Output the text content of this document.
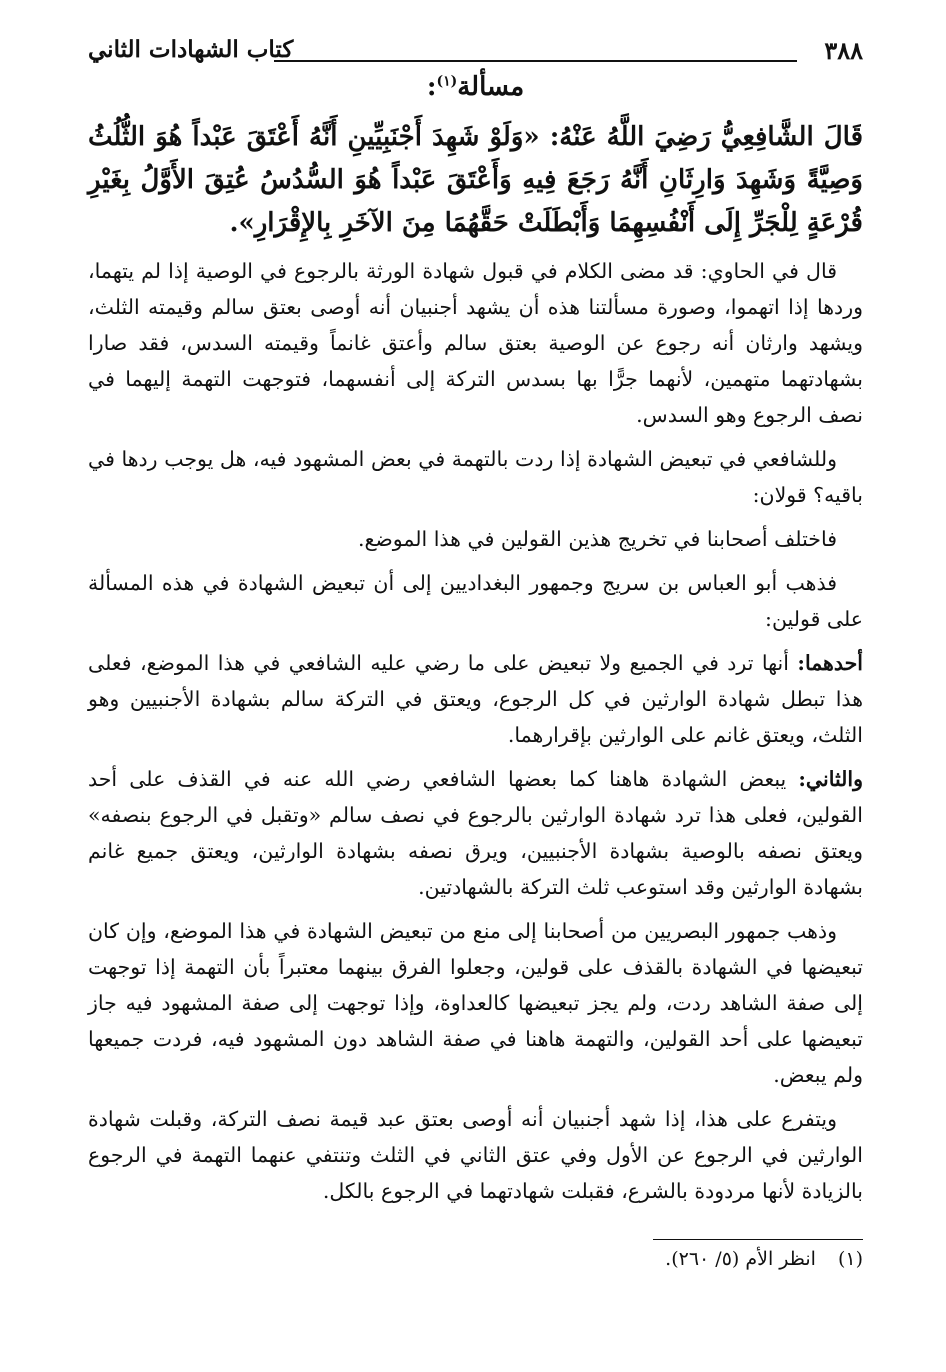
٣٨٨
كتاب الشهادات الثاني
مسألة$^{(١)}$:
قَالَ الشَّافِعِيُّ رَضِيَ اللَّهُ عَنْهُ: «وَلَوْ شَهِدَ أَجْنَبِيِّينِ أَنَّهُ أَعْتَقَ عَبْداً هُوَ الثُّلُثُ وَصِيَّةً وَشَهِدَ وَارِثَانِ أَنَّهُ رَجَعَ فِيهِ وَأَعْتَقَ عَبْداً هُوَ السُّدُسُ عُتِقَ الأَوَّلُ بِغَيْرِ قُرْعَةٍ لِلْجَرِّ إِلَى أَنْفُسِهِمَا وَأَبْطَلَتْ حَقَّهُمَا مِنَ الآخَرِ بِالإِقْرَارِ».

قال في الحاوي: قد مضى الكلام في قبول شهادة الورثة بالرجوع في الوصية إذا لم يتهما، وردها إذا اتهموا، وصورة مسألتنا هذه أن يشهد أجنبيان أنه أوصى بعتق سالم وقيمته الثلث، ويشهد وارثان أنه رجوع عن الوصية بعتق سالم وأعتق غانماً وقيمته السدس، فقد صارا بشهادتهما متهمين، لأنهما جرًّا بها بسدس التركة إلى أنفسهما، فتوجهت التهمة إليهما في نصف الرجوع وهو السدس.

وللشافعي في تبعيض الشهادة إذا ردت بالتهمة في بعض المشهود فيه، هل يوجب ردها في باقيه؟ قولان:

فاختلف أصحابنا في تخريج هذين القولين في هذا الموضع.

فذهب أبو العباس بن سريج وجمهور البغداديين إلى أن تبعيض الشهادة في هذه المسألة على قولين:

أحدهما: أنها ترد في الجميع ولا تبعيض على ما رضي عليه الشافعي في هذا الموضع، فعلى هذا تبطل شهادة الوارثين في كل الرجوع، ويعتق في التركة سالم بشهادة الأجنبيين وهو الثلث، ويعتق غانم على الوارثين بإقرارهما.

والثاني: يبعض الشهادة هاهنا كما بعضها الشافعي رضي الله عنه في القذف على أحد القولين، فعلى هذا ترد شهادة الوارثين بالرجوع في نصف سالم «وتقبل في الرجوع بنصفه» ويعتق نصفه بالوصية بشهادة الأجنبيين، ويرق نصفه بشهادة الوارثين، ويعتق جميع غانم بشهادة الوارثين وقد استوعب ثلث التركة بالشهادتين.

وذهب جمهور البصريين من أصحابنا إلى منع من تبعيض الشهادة في هذا الموضع، وإن كان تبعيضها في الشهادة بالقذف على قولين، وجعلوا الفرق بينهما معتبراً بأن التهمة إذا توجهت إلى صفة الشاهد ردت، ولم يجز تبعيضها كالعداوة، وإذا توجهت إلى صفة المشهود فيه جاز تبعيضها على أحد القولين، والتهمة هاهنا في صفة الشاهد دون المشهود فيه، فردت جميعها ولم يبعض.

ويتفرع على هذا، إذا شهد أجنبيان أنه أوصى بعتق عبد قيمة نصف التركة، وقبلت شهادة الوارثين في الرجوع عن الأول وفي عتق الثاني في الثلث وتنتفي عنهما التهمة في الرجوع بالزيادة لأنها مردودة بالشرع، فقبلت شهادتهما في الرجوع بالكل.

(١)
انظر الأم (٥/ ٢٦٠).
